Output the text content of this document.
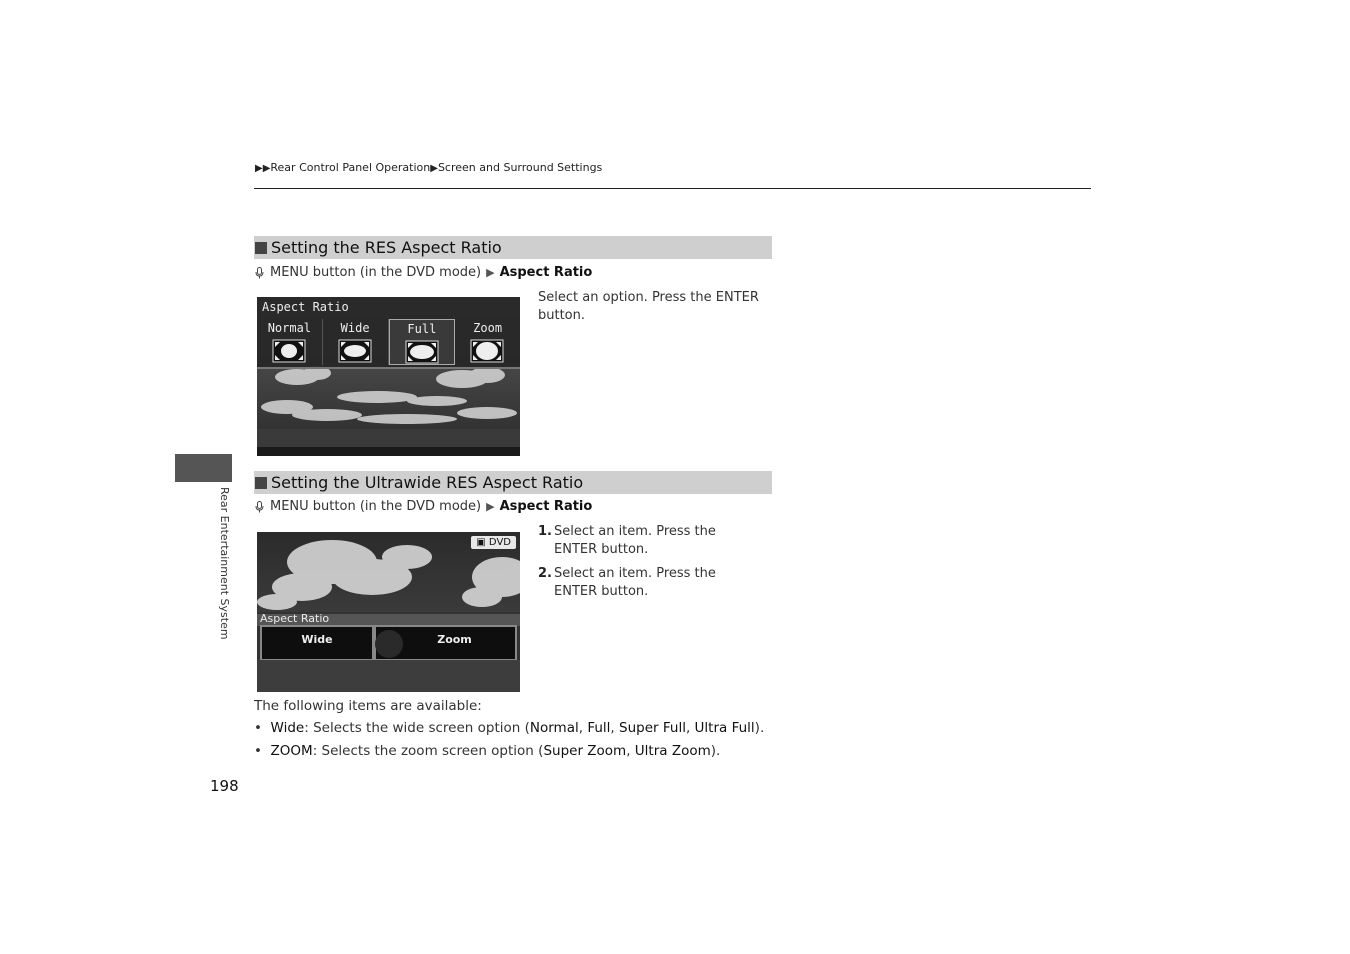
▶▶Rear Control Panel Operation▶Screen and Surround Settings
Setting the RES Aspect Ratio
MENU button (in the DVD mode) ▶ Aspect Ratio
Aspect Ratio
Normal	Wide	Full	Zoom
Select an option. Press the ENTER button.
Rear Entertainment System
Setting the Ultrawide RES Aspect Ratio
MENU button (in the DVD mode) ▶ Aspect Ratio
▣ DVD
Aspect Ratio
Wide	Zoom
1. Select an item. Press the ENTER button.
2. Select an item. Press the ENTER button.
The following items are available:
•  Wide: Selects the wide screen option (Normal, Full, Super Full, Ultra Full).
•  ZOOM: Selects the zoom screen option (Super Zoom, Ultra Zoom).
198
